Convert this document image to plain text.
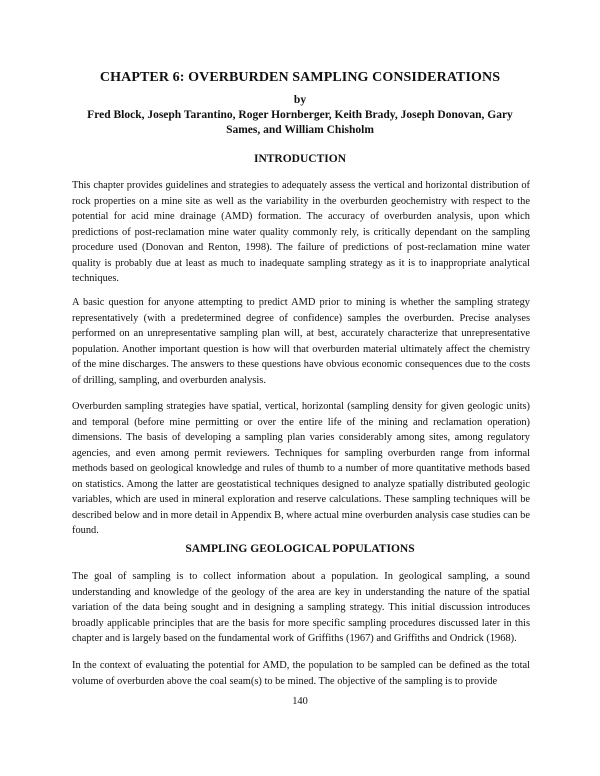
CHAPTER 6: OVERBURDEN SAMPLING CONSIDERATIONS
by
Fred Block, Joseph Tarantino, Roger Hornberger, Keith Brady, Joseph Donovan, Gary Sames, and William Chisholm
INTRODUCTION
This chapter provides guidelines and strategies to adequately assess the vertical and horizontal distribution of rock properties on a mine site as well as the variability in the overburden geochemistry with respect to the potential for acid mine drainage (AMD) formation. The accuracy of overburden analysis, upon which predictions of post-reclamation mine water quality commonly rely, is critically dependant on the sampling procedure used (Donovan and Renton, 1998). The failure of predictions of post-reclamation mine water quality is probably due at least as much to inadequate sampling strategy as it is to inappropriate analytical techniques.
A basic question for anyone attempting to predict AMD prior to mining is whether the sampling strategy representatively (with a predetermined degree of confidence) samples the overburden. Precise analyses performed on an unrepresentative sampling plan will, at best, accurately characterize that unrepresentative population. Another important question is how will that overburden material ultimately affect the chemistry of the mine discharges. The answers to these questions have obvious economic consequences due to the costs of drilling, sampling, and overburden analysis.
Overburden sampling strategies have spatial, vertical, horizontal (sampling density for given geologic units) and temporal (before mine permitting or over the entire life of the mining and reclamation operation) dimensions. The basis of developing a sampling plan varies considerably among sites, among regulatory agencies, and even among permit reviewers. Techniques for sampling overburden range from informal methods based on geological knowledge and rules of thumb to a number of more quantitative methods based on statistics. Among the latter are geostatistical techniques designed to analyze spatially distributed geologic variables, which are used in mineral exploration and reserve calculations. These sampling techniques will be described below and in more detail in Appendix B, where actual mine overburden analysis case studies can be found.
SAMPLING GEOLOGICAL POPULATIONS
The goal of sampling is to collect information about a population. In geological sampling, a sound understanding and knowledge of the geology of the area are key in understanding the nature of the spatial variation of the data being sought and in designing a sampling strategy. This initial discussion introduces broadly applicable principles that are the basis for more specific sampling procedures discussed later in this chapter and is largely based on the fundamental work of Griffiths (1967) and Griffiths and Ondrick (1968).
In the context of evaluating the potential for AMD, the population to be sampled can be defined as the total volume of overburden above the coal seam(s) to be mined. The objective of the sampling is to provide
140
